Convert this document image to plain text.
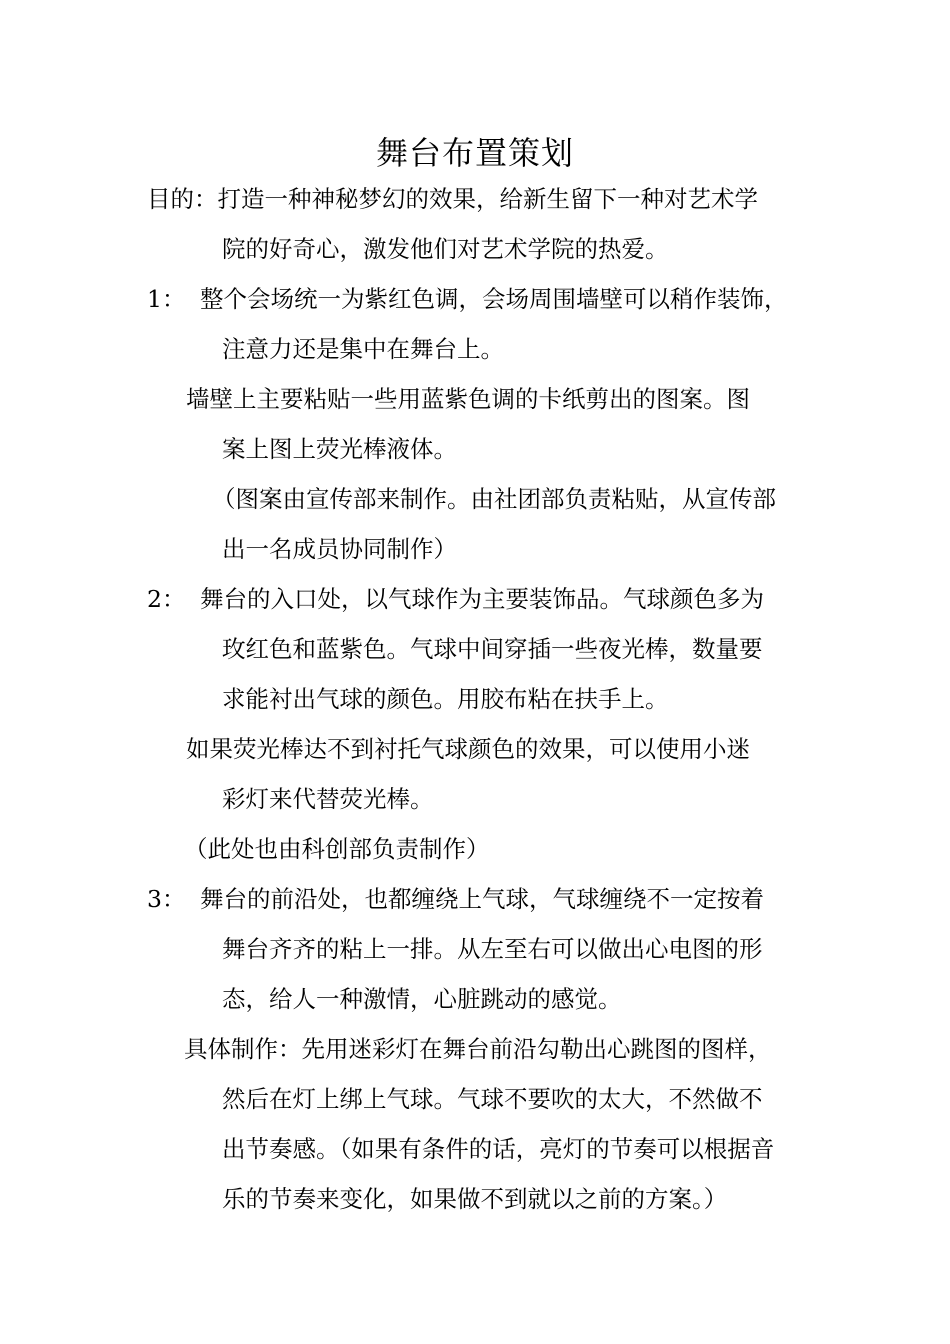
舞台布置策划
目的：打造一种神秘梦幻的效果，给新生留下一种对艺术学
院的好奇心，激发他们对艺术学院的热爱。
1： 整个会场统一为紫红色调，会场周围墙壁可以稍作装饰，
注意力还是集中在舞台上。
墙壁上主要粘贴一些用蓝紫色调的卡纸剪出的图案。图
案上图上荧光棒液体。
（图案由宣传部来制作。由社团部负责粘贴，从宣传部
出一名成员协同制作）
2： 舞台的入口处，以气球作为主要装饰品。气球颜色多为
玫红色和蓝紫色。气球中间穿插一些夜光棒，数量要
求能衬出气球的颜色。用胶布粘在扶手上。
如果荧光棒达不到衬托气球颜色的效果，可以使用小迷
彩灯来代替荧光棒。
（此处也由科创部负责制作）
3： 舞台的前沿处，也都缠绕上气球，气球缠绕不一定按着
舞台齐齐的粘上一排。从左至右可以做出心电图的形
态，给人一种激情，心脏跳动的感觉。
具体制作：先用迷彩灯在舞台前沿勾勒出心跳图的图样，
然后在灯上绑上气球。气球不要吹的太大，不然做不
出节奏感。（如果有条件的话，亮灯的节奏可以根据音
乐的节奏来变化，如果做不到就以之前的方案。）
